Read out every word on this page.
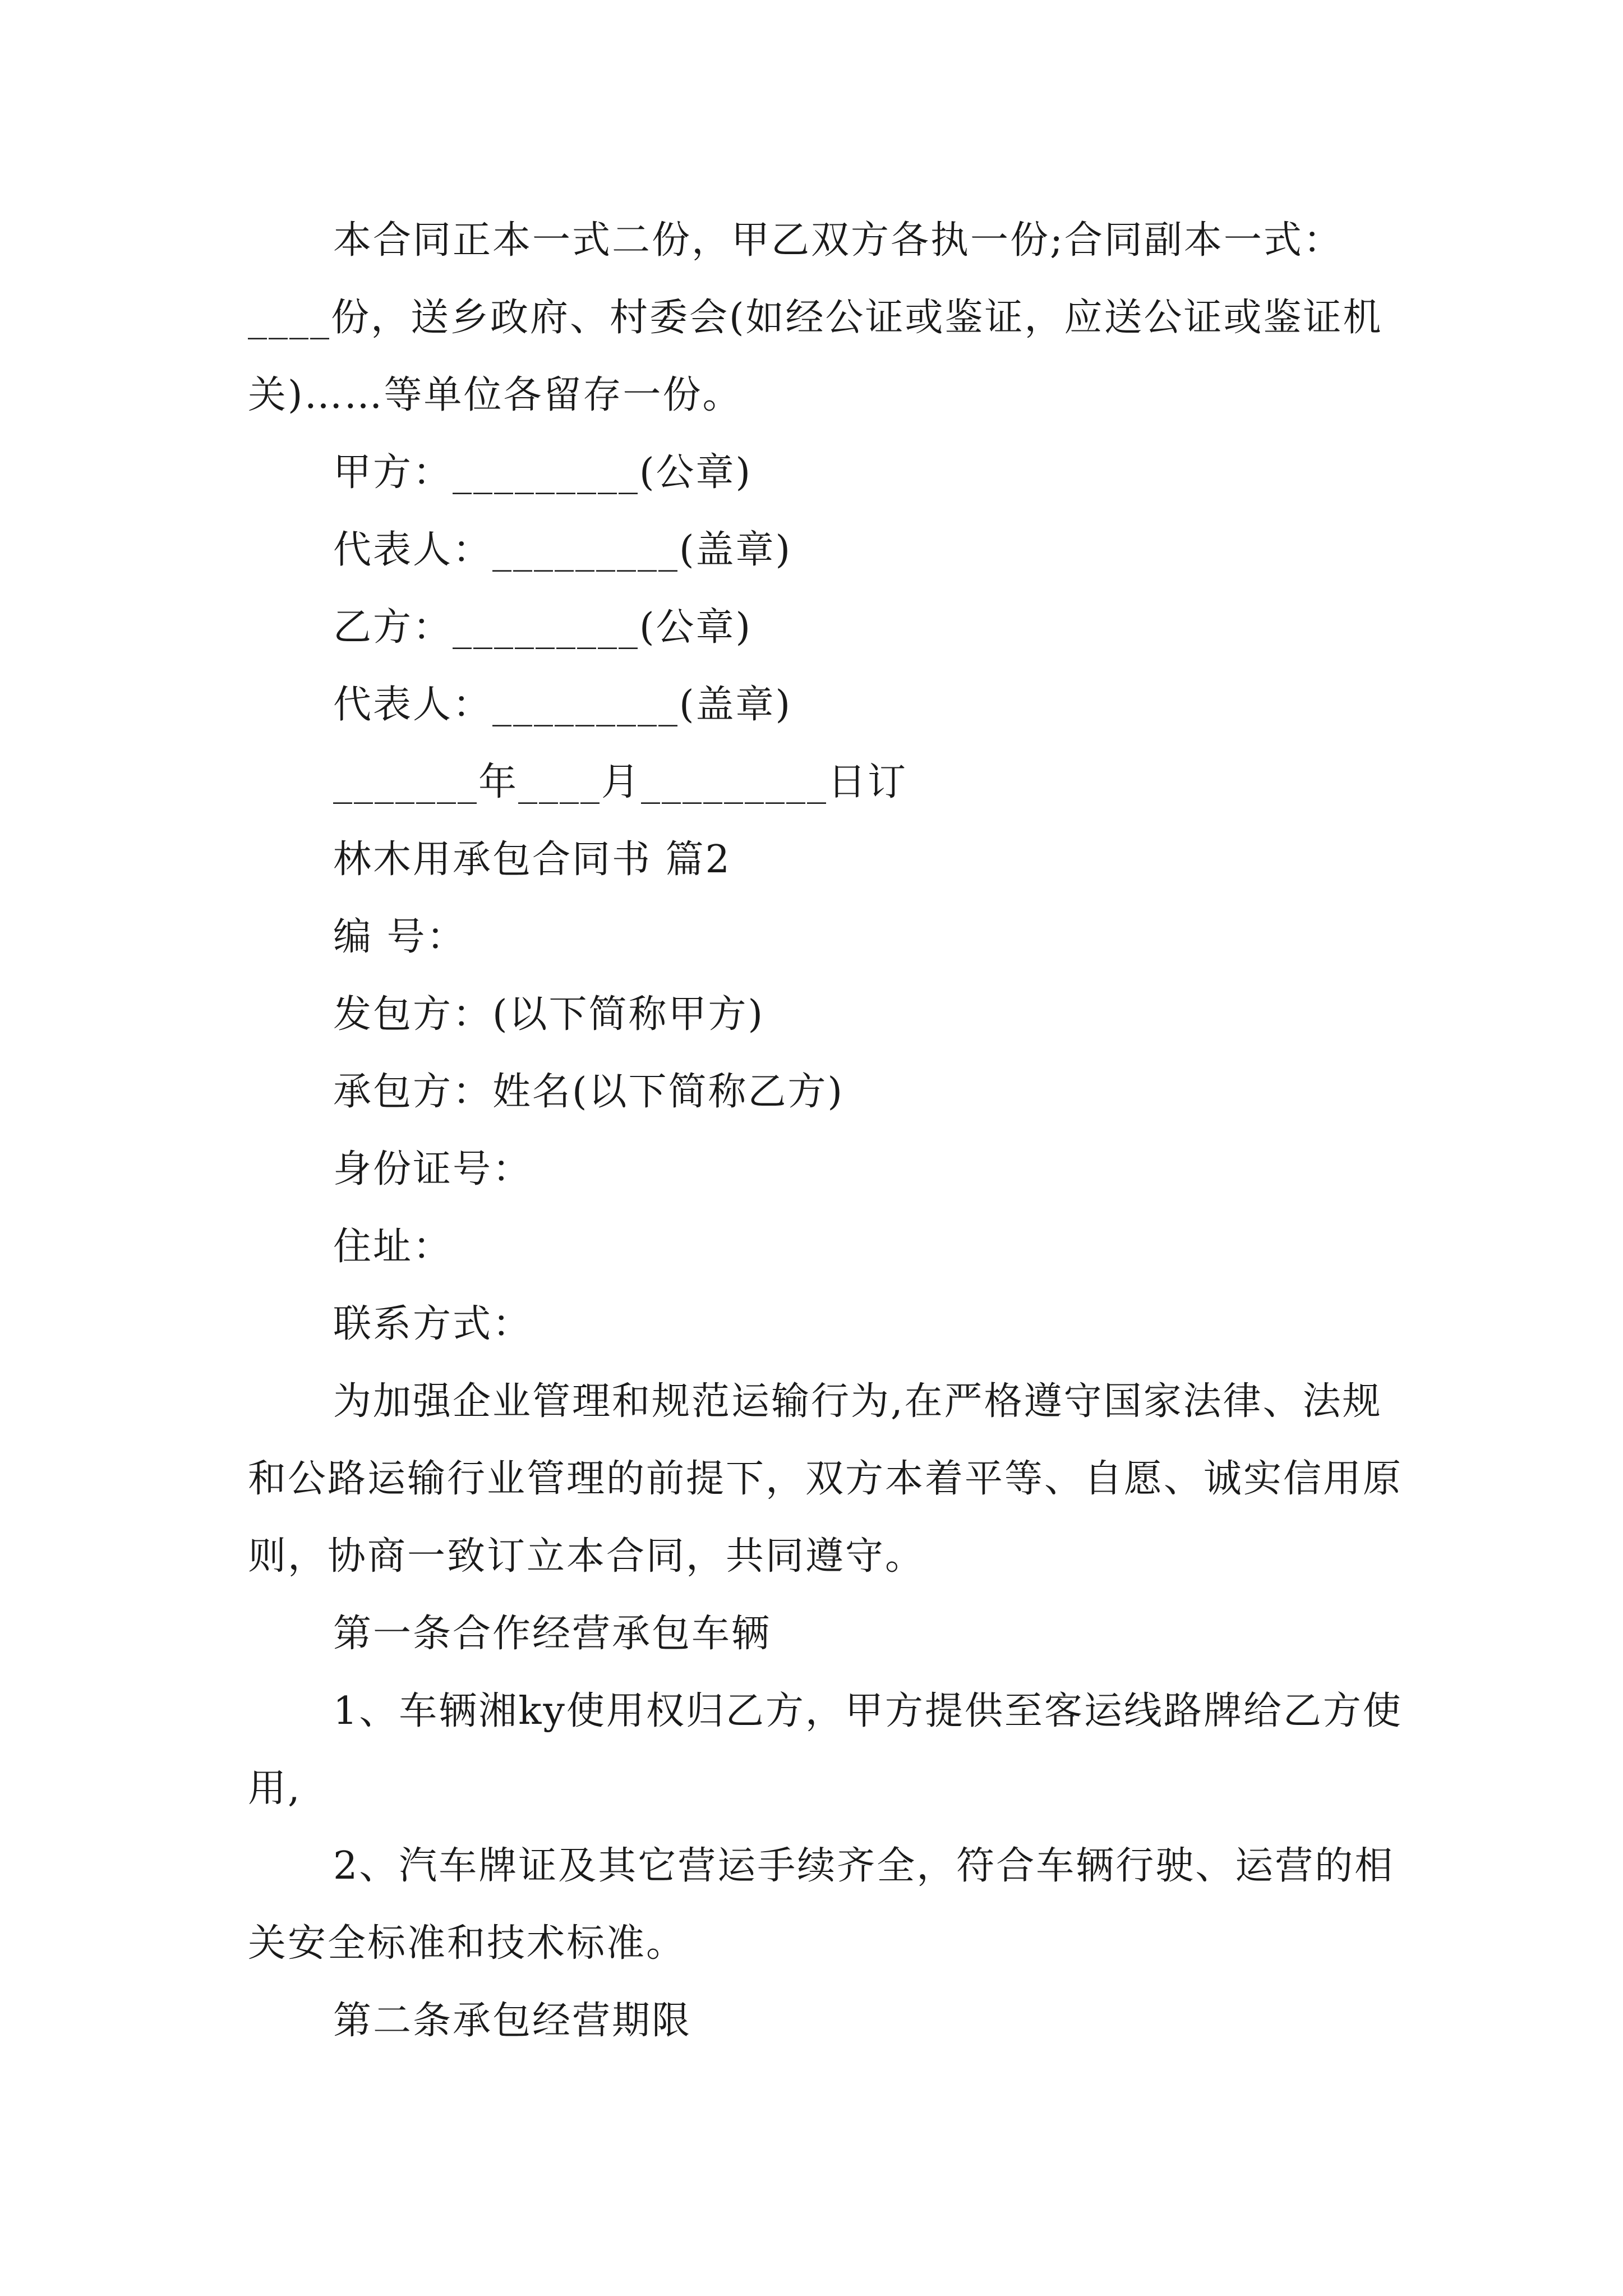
本合同正本一式二份，甲乙双方各执一份;合同副本一式：____份，送乡政府、村委会(如经公证或鉴证，应送公证或鉴证机关)……等单位各留存一份。

甲方：_________(公章)

代表人：_________(盖章)

乙方：_________(公章)

代表人：_________(盖章)

_______年____月_________日订

林木用承包合同书 篇2

编 号：

发包方：(以下简称甲方)

承包方：姓名(以下简称乙方)

身份证号：

住址：

联系方式：

为加强企业管理和规范运输行为,在严格遵守国家法律、法规和公路运输行业管理的前提下，双方本着平等、自愿、诚实信用原则，协商一致订立本合同，共同遵守。

第一条合作经营承包车辆

1、车辆湘ky使用权归乙方，甲方提供至客运线路牌给乙方使用,

2、汽车牌证及其它营运手续齐全，符合车辆行驶、运营的相关安全标准和技术标准。

第二条承包经营期限
